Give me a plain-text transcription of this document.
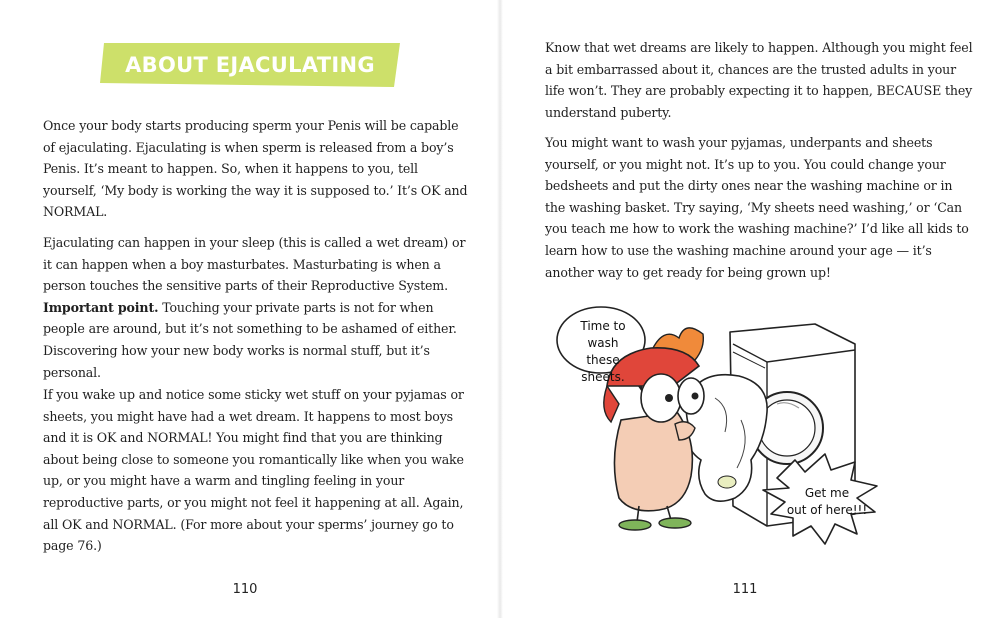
ABOUT EJACULATING

Once your body starts producing sperm your Penis will be capable of ejaculating. Ejaculating is when sperm is released from a boy’s Penis. It’s meant to happen. So, when it happens to you, tell yourself, ‘My body is working the way it is supposed to.’ It’s OK and NORMAL.

Ejaculating can happen in your sleep (this is called a wet dream) or it can happen when a boy masturbates. Masturbating is when a person touches the sensitive parts of their Reproductive System. Important point. Touching your private parts is not for when people are around, but it’s not something to be ashamed of either. Discovering how your new body works is normal stuff, but it’s personal.

If you wake up and notice some sticky wet stuff on your pyjamas or sheets, you might have had a wet dream. It happens to most boys and it is OK and NORMAL! You might find that you are thinking about being close to someone you romantically like when you wake up, or you might have a warm and tingling feeling in your reproductive parts, or you might not feel it happening at all. Again, all OK and NORMAL. (For more about your sperms’ journey go to page 76.)

110

Know that wet dreams are likely to happen. Although you might feel a bit embarrassed about it, chances are the trusted adults in your life won’t. They are probably expecting it to happen, BECAUSE they understand puberty.

You might want to wash your pyjamas, underpants and sheets yourself, or you might not. It’s up to you. You could change your bedsheets and put the dirty ones near the washing machine or in the washing basket. Try saying, ‘My sheets need washing,’ or ‘Can you teach me how to work the washing machine?’ I’d like all kids to learn how to use the washing machine around your age — it’s another way to get ready for being grown up!

Time to wash
these sheets.
Get me
out of here!!!
111
